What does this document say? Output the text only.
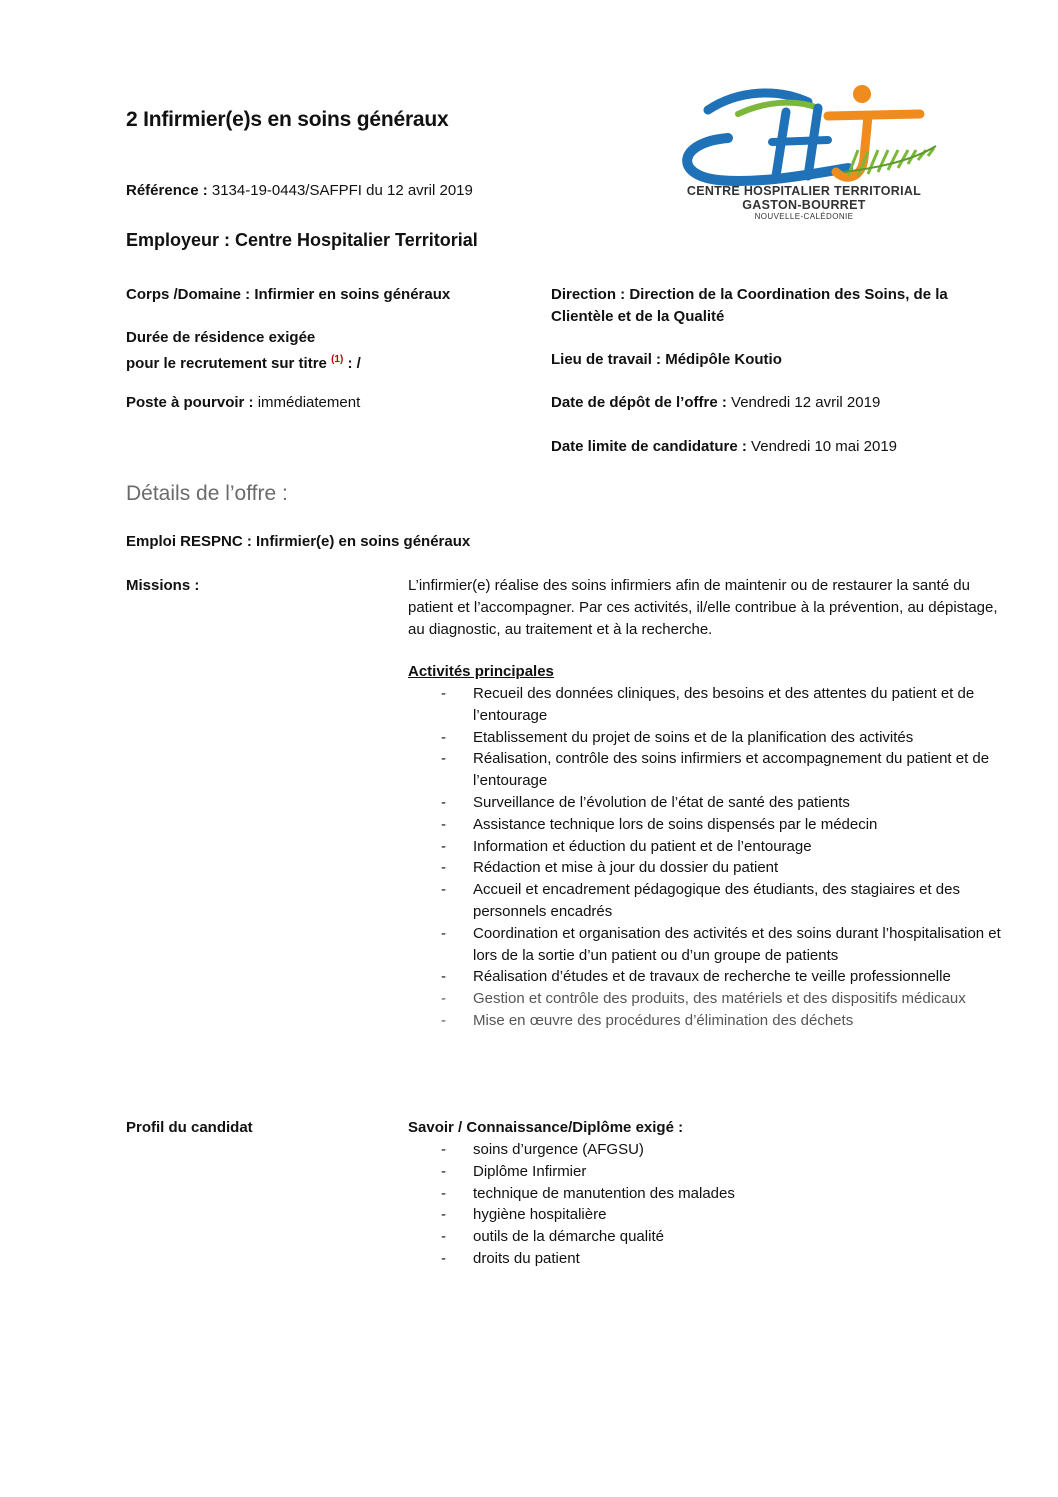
2 Infirmier(e)s en soins généraux
CENTRE HOSPITALIER TERRITORIAL
GASTON-BOURRET
NOUVELLE-CALÉDONIE
Référence : 3134-19-0443/SAFPFI du 12 avril 2019
Employeur : Centre Hospitalier Territorial
Corps /Domaine : Infirmier en soins généraux
Durée de résidence exigée
pour le recrutement sur titre $^{(1)}$ : /
Poste à pourvoir : immédiatement
Direction : Direction de la Coordination des Soins, de la
Clientèle et de la Qualité
Lieu de travail : Médipôle Koutio
Date de dépôt de l’offre : Vendredi 12 avril 2019
Date limite de candidature : Vendredi 10 mai 2019
Détails de l’offre :
Emploi RESPNC : Infirmier(e) en soins généraux
Missions :	L’infirmier(e) réalise des soins infirmiers afin de maintenir ou de restaurer la santé du patient et l’accompagner. Par ces activités, il/elle contribue à la prévention, au dépistage, au diagnostic, au traitement et à la recherche.
Activités principales
- Recueil des données cliniques, des besoins et des attentes du patient et de l’entourage
- Etablissement du projet de soins et de la planification des activités
- Réalisation, contrôle des soins infirmiers et accompagnement du patient et de l’entourage
- Surveillance de l’évolution de l’état de santé des patients
- Assistance technique lors de soins dispensés par le médecin
- Information et éduction du patient et de l’entourage
- Rédaction et mise à jour du dossier du patient
- Accueil et encadrement pédagogique des étudiants, des stagiaires et des personnels encadrés
- Coordination et organisation des activités et des soins durant l’hospitalisation et lors de la sortie d’un patient ou d’un groupe de patients
- Réalisation d’études et de travaux de recherche te veille professionnelle
- Gestion et contrôle des produits, des matériels et des dispositifs médicaux
- Mise en œuvre des procédures d’élimination des déchets
Profil du candidat	Savoir / Connaissance/Diplôme exigé :
- soins d’urgence (AFGSU)
- Diplôme Infirmier
- technique de manutention des malades
- hygiène hospitalière
- outils de la démarche qualité
- droits du patient
